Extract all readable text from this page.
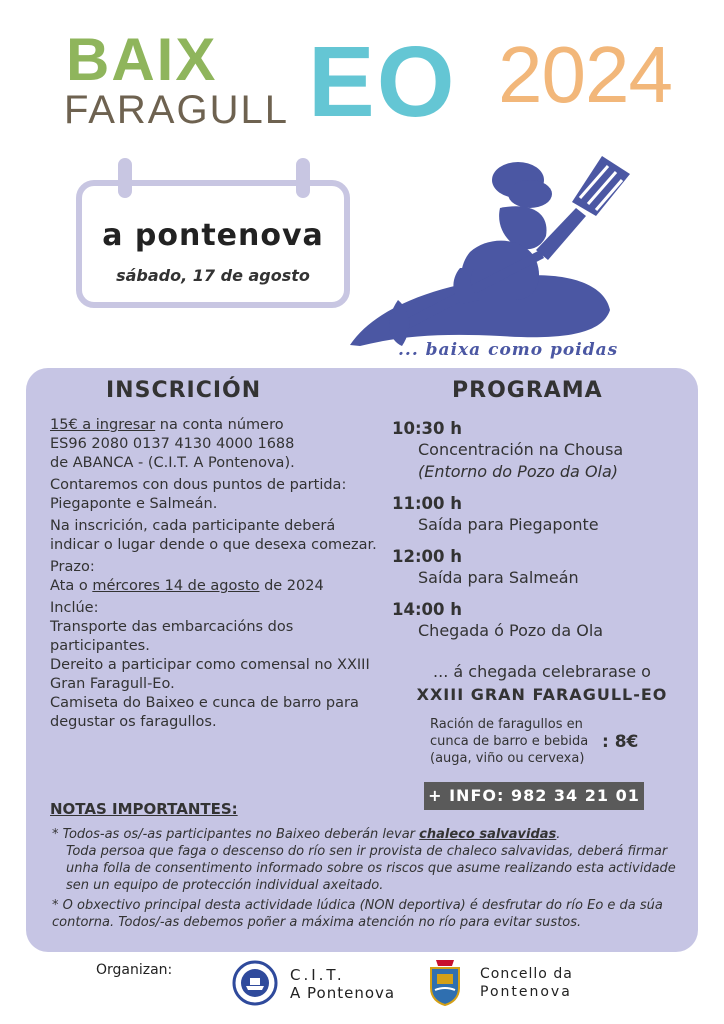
BAIX
FARAGULL EO 2024
a pontenova
sábado, 17 de agosto
... baixa como poidas
INSCRICIÓN	PROGRAMA

15€ a ingresar na conta número
ES96 2080 0137 4130 4000 1688
de ABANCA - (C.I.T. A Pontenova).

Contaremos con dous puntos de partida: Piegaponte e Salmeán.

Na inscrición, cada participante deberá indicar o lugar dende o que desexa comezar.

Prazo:

Ata o mércores 14 de agosto de 2024

Inclúe:

Transporte das embarcacións dos participantes.

Dereito a participar como comensal no XXIII Gran Faragull-Eo.

Camiseta do Baixeo e cunca de barro para degustar os faragullos.

10:30 h

Concentración na Chousa

(Entorno do Pozo da Ola)

11:00 h

Saída para Piegaponte

12:00 h

Saída para Salmeán

14:00 h

Chegada ó Pozo da Ola

... á chegada celebrarase o
XXIII GRAN FARAGULL-EO
Ración de faragullos en cunca de barro e bebida (auga, viño ou cervexa)
: 8€
+ INFO: 982 34 21 01
NOTAS IMPORTANTES:

* Todos-as os/-as participantes no Baixeo deberán levar chaleco salvavidas.

Toda persoa que faga o descenso do río sen ir provista de chaleco salvavidas, deberá firmar unha folla de consentimento informado sobre os riscos que asume realizando esta actividade sen un equipo de protección individual axeitado.

* O obxectivo principal desta actividade lúdica (NON deportiva) é desfrutar do río Eo e da súa contorna. Todos/-as debemos poñer a máxima atención no río para evitar sustos.

Organizan:	C.I.T.
A Pontenova
Concello da
Pontenova
